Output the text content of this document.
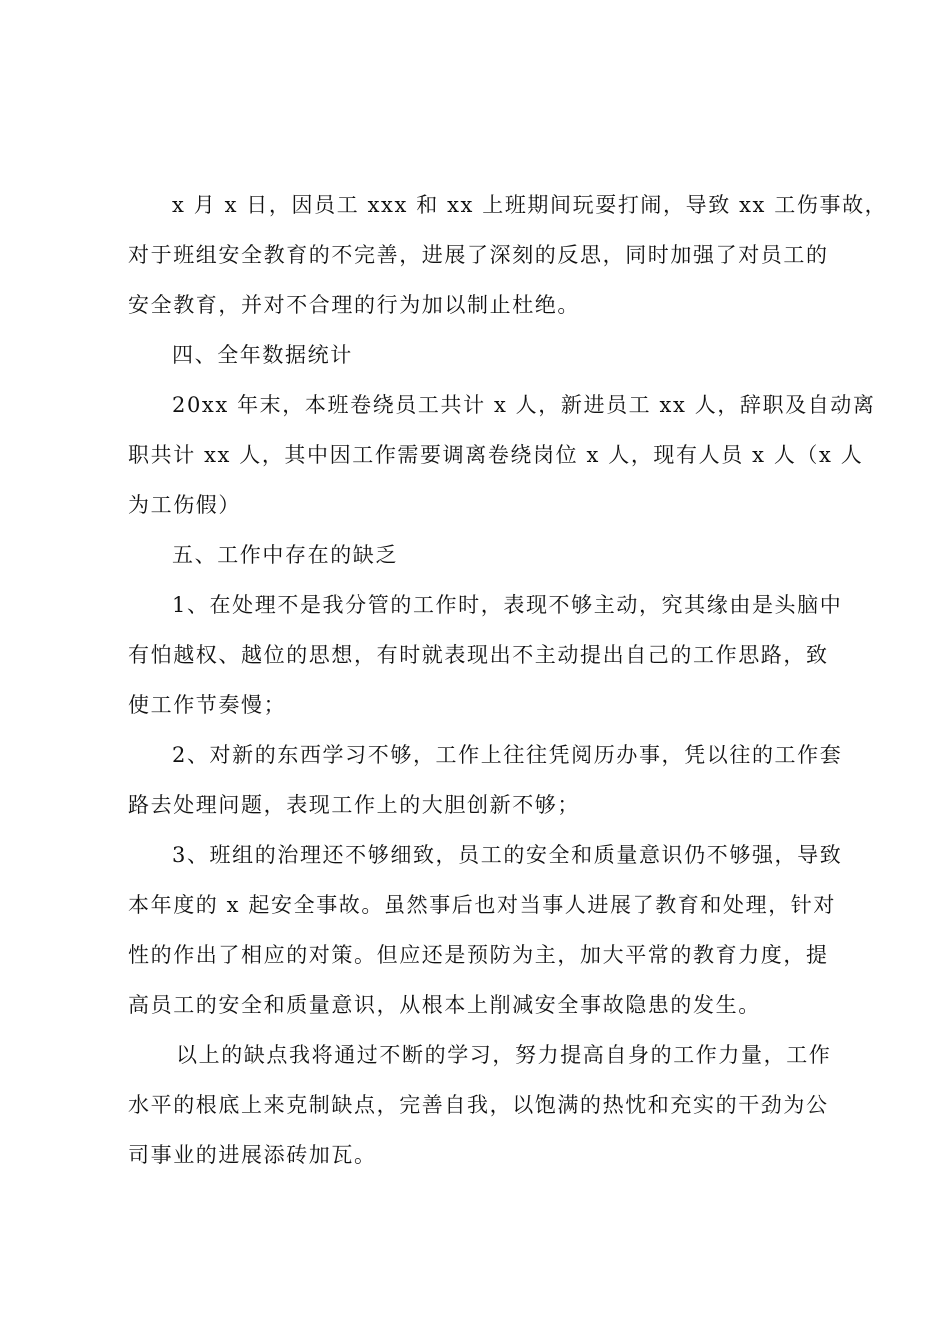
x 月 x 日，因员工 xxx 和 xx 上班期间玩耍打闹，导致 xx 工伤事故，
对于班组安全教育的不完善，进展了深刻的反思，同时加强了对员工的
安全教育，并对不合理的行为加以制止杜绝。
四、全年数据统计
20xx 年末，本班卷绕员工共计 x 人，新进员工 xx 人，辞职及自动离
职共计 xx 人，其中因工作需要调离卷绕岗位 x 人，现有人员 x 人（x 人
为工伤假）
五、工作中存在的缺乏
1、在处理不是我分管的工作时，表现不够主动，究其缘由是头脑中
有怕越权、越位的思想，有时就表现出不主动提出自己的工作思路，致
使工作节奏慢；
2、对新的东西学习不够，工作上往往凭阅历办事，凭以往的工作套
路去处理问题，表现工作上的大胆创新不够；
3、班组的治理还不够细致，员工的安全和质量意识仍不够强，导致
本年度的 x 起安全事故。虽然事后也对当事人进展了教育和处理，针对
性的作出了相应的对策。但应还是预防为主，加大平常的教育力度，提
高员工的安全和质量意识，从根本上削减安全事故隐患的发生。
以上的缺点我将通过不断的学习，努力提高自身的工作力量，工作
水平的根底上来克制缺点，完善自我，以饱满的热忱和充实的干劲为公
司事业的进展添砖加瓦。
